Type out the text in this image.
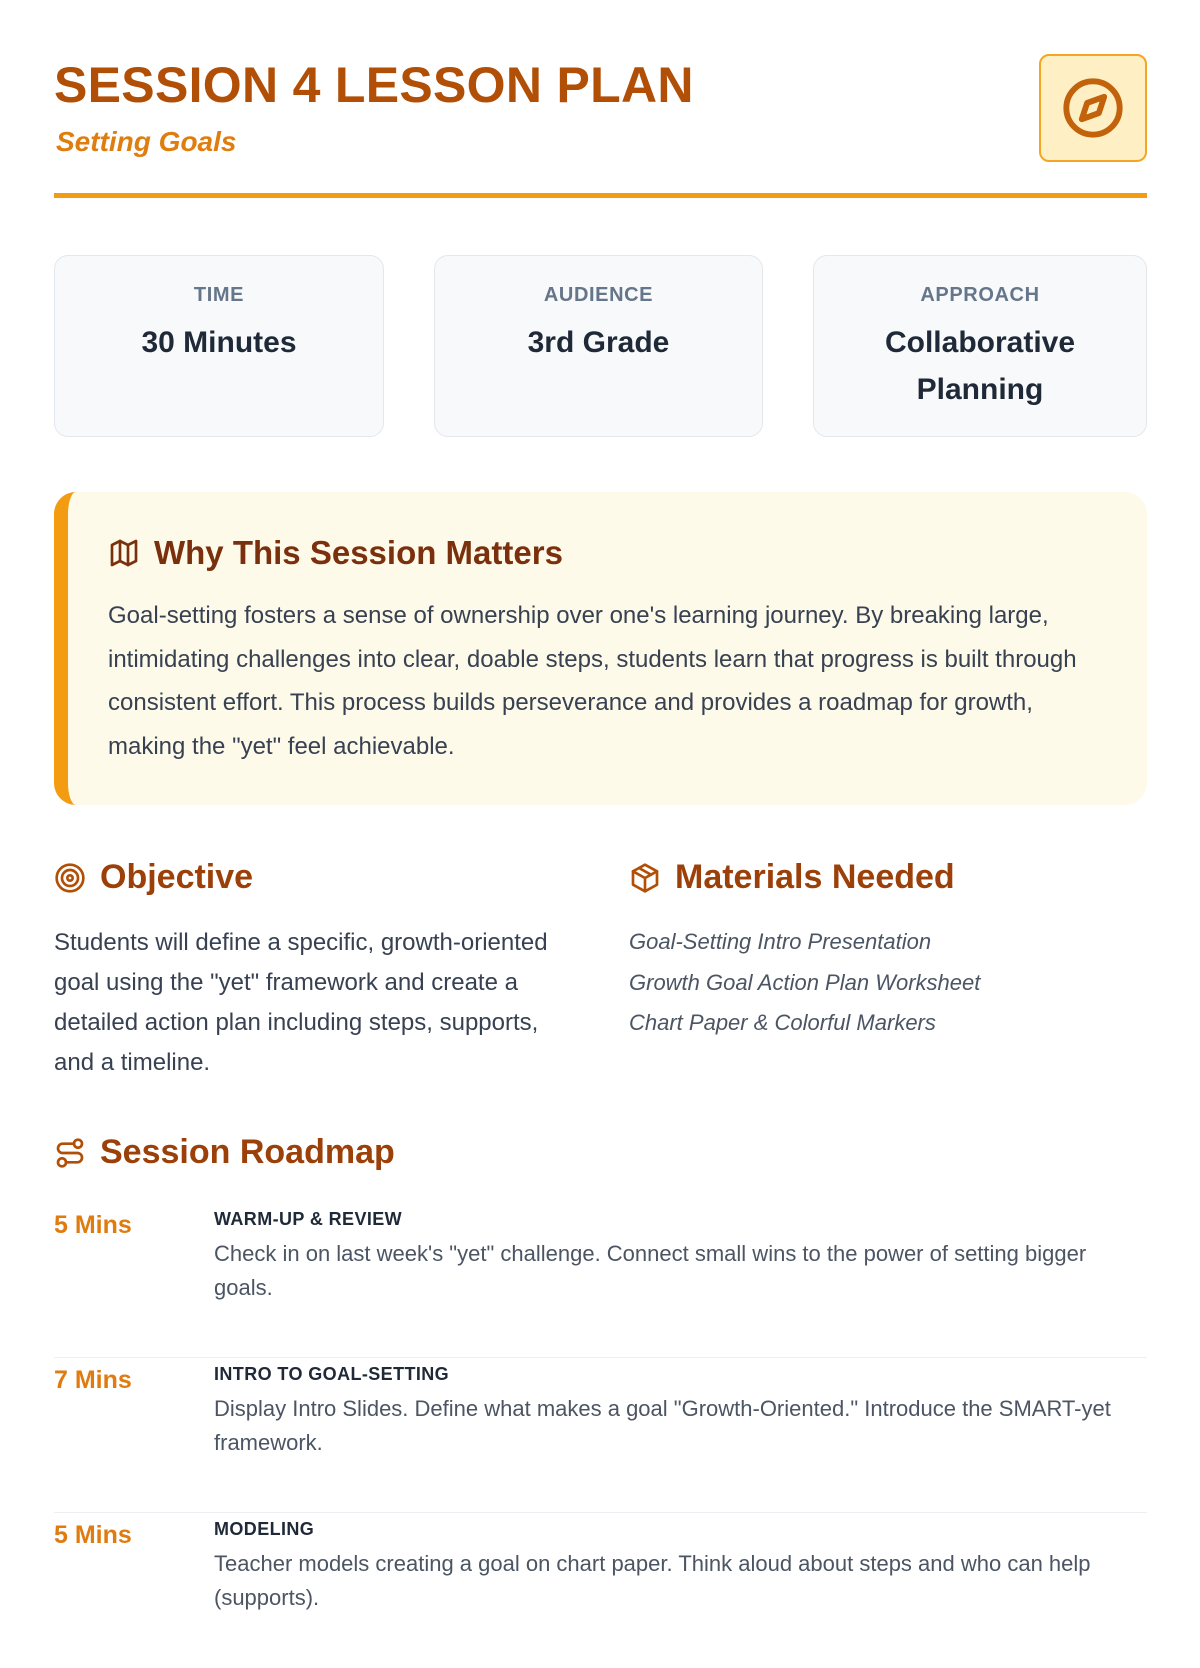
SESSION 4 LESSON PLAN
Setting Goals
TIME
30 Minutes
AUDIENCE
3rd Grade
APPROACH
Collaborative Planning
Why This Session Matters
Goal-setting fosters a sense of ownership over one's learning journey. By breaking large, intimidating challenges into clear, doable steps, students learn that progress is built through consistent effort. This process builds perseverance and provides a roadmap for growth, making the "yet" feel achievable.
Objective
Students will define a specific, growth-oriented goal using the "yet" framework and create a detailed action plan including steps, supports, and a timeline.
Materials Needed
Goal-Setting Intro Presentation
Growth Goal Action Plan Worksheet
Chart Paper & Colorful Markers
Session Roadmap
5 Mins	WARM-UP & REVIEW
Check in on last week's "yet" challenge. Connect small wins to the power of setting bigger goals.
7 Mins	INTRO TO GOAL-SETTING
Display Intro Slides. Define what makes a goal "Growth-Oriented." Introduce the SMART-yet framework.
5 Mins	MODELING
Teacher models creating a goal on chart paper. Think aloud about steps and who can help (supports).
